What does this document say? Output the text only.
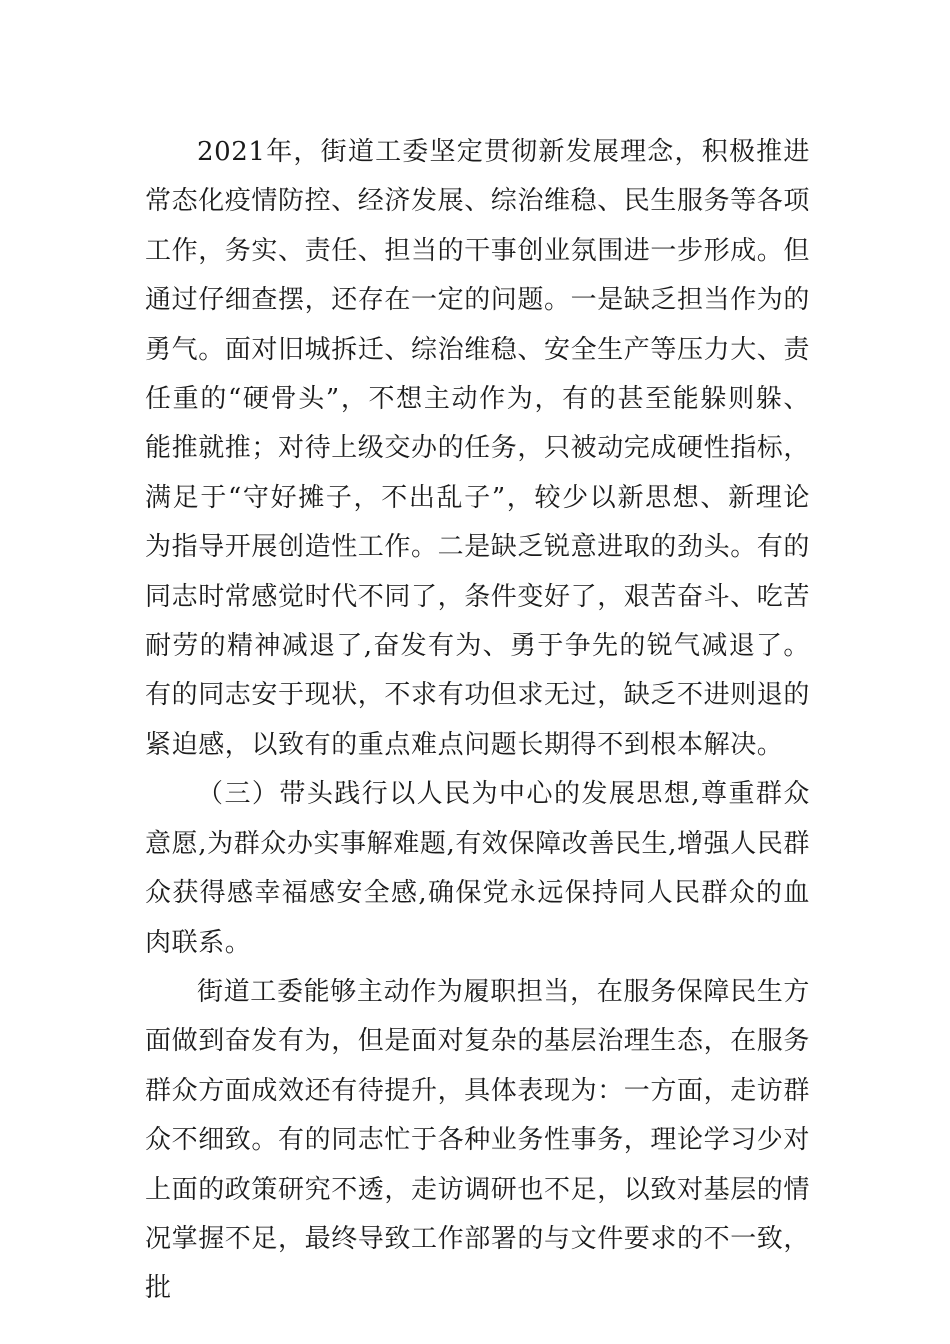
2021年，街道工委坚定贯彻新发展理念，积极推进常态化疫情防控、经济发展、综治维稳、民生服务等各项工作，务实、责任、担当的干事创业氛围进一步形成。但通过仔细查摆，还存在一定的问题。一是缺乏担当作为的勇气。面对旧城拆迁、综治维稳、安全生产等压力大、责任重的“硬骨头”，不想主动作为，有的甚至能躲则躲、能推就推；对待上级交办的任务，只被动完成硬性指标，满足于“守好摊子，不出乱子”，较少以新思想、新理论为指导开展创造性工作。二是缺乏锐意进取的劲头。有的同志时常感觉时代不同了，条件变好了，艰苦奋斗、吃苦耐劳的精神减退了,奋发有为、勇于争先的锐气减退了。有的同志安于现状，不求有功但求无过，缺乏不进则退的紧迫感，以致有的重点难点问题长期得不到根本解决。

（三）带头践行以人民为中心的发展思想,尊重群众意愿,为群众办实事解难题,有效保障改善民生,增强人民群众获得感幸福感安全感,确保党永远保持同人民群众的血肉联系。

街道工委能够主动作为履职担当，在服务保障民生方面做到奋发有为，但是面对复杂的基层治理生态，在服务群众方面成效还有待提升，具体表现为：一方面，走访群众不细致。有的同志忙于各种业务性事务，理论学习少对上面的政策研究不透，走访调研也不足，以致对基层的情况掌握不足，最终导致工作部署的与文件要求的不一致，批
